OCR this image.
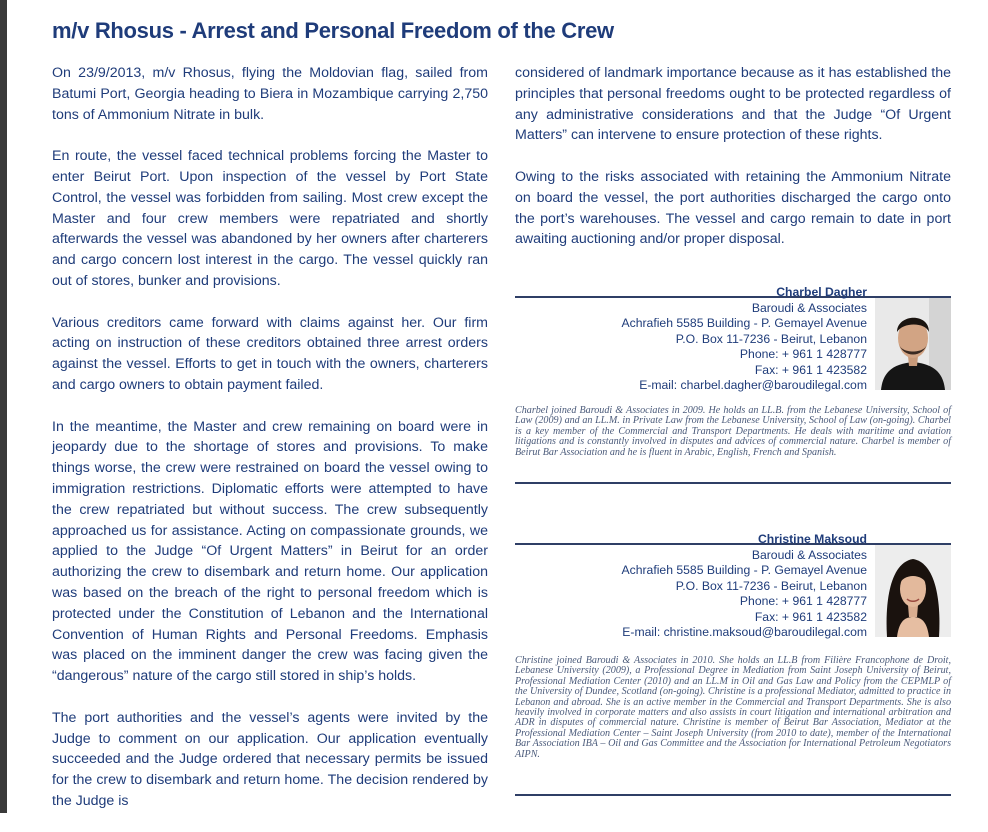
m/v Rhosus - Arrest and Personal Freedom of the Crew

On 23/9/2013, m/v Rhosus, flying the Moldovian flag, sailed from Batumi Port, Georgia heading to Biera in Mozambique carrying 2,750 tons of Ammonium Nitrate in bulk.

En route, the vessel faced technical problems forcing the Master to enter Beirut Port. Upon inspection of the vessel by Port State Control, the vessel was forbidden from sailing. Most crew except the Master and four crew members were repatriated and shortly afterwards the vessel was abandoned by her owners after charterers and cargo concern lost interest in the cargo. The vessel quickly ran out of stores, bunker and provisions.

Various creditors came forward with claims against her. Our firm acting on instruction of these creditors obtained three arrest orders against the vessel. Efforts to get in touch with the owners, charterers and cargo owners to obtain payment failed.

In the meantime, the Master and crew remaining on board were in jeopardy due to the shortage of stores and provisions. To make things worse, the crew were restrained on board the vessel owing to immigration restrictions. Diplomatic efforts were attempted to have the crew repatriated but without success. The crew subsequently approached us for assistance. Acting on compassionate grounds, we applied to the Judge “Of Urgent Matters” in Beirut for an order authorizing the crew to disembark and return home. Our application was based on the breach of the right to personal freedom which is protected under the Constitution of Lebanon and the International Convention of Human Rights and Personal Freedoms. Emphasis was placed on the imminent danger the crew was facing given the “dangerous” nature of the cargo still stored in ship’s holds.

The port authorities and the vessel’s agents were invited by the Judge to comment on our application. Our application eventually succeeded and the Judge ordered that necessary permits be issued for the crew to disembark and return home. The decision rendered by the Judge is

considered of landmark importance because as it has established the principles that personal freedoms ought to be protected regardless of any administrative considerations and that the Judge “Of Urgent Matters” can intervene to ensure protection of these rights.

Owing to the risks associated with retaining the Ammonium Nitrate on board the vessel, the port authorities discharged the cargo onto the port’s warehouses. The vessel and cargo remain to date in port awaiting auctioning and/or proper disposal.

Charbel Dagher
Baroudi & Associates
Achrafieh 5585 Building - P. Gemayel Avenue
P.O. Box 11-7236 - Beirut, Lebanon
Phone: + 961 1 428777
Fax: + 961 1 423582
E-mail: charbel.dagher@baroudilegal.com
Charbel joined Baroudi & Associates in 2009. He holds an LL.B. from the Lebanese University, School of Law (2009) and an LL.M. in Private Law from the Lebanese University, School of Law (on-going). Charbel is a key member of the Commercial and Transport Departments. He deals with maritime and aviation litigations and is constantly involved in disputes and advices of commercial nature. Charbel is member of Beirut Bar Association and he is fluent in Arabic, English, French and Spanish.
Christine Maksoud
Baroudi & Associates
Achrafieh 5585 Building - P. Gemayel Avenue
P.O. Box 11-7236 - Beirut, Lebanon
Phone: + 961 1 428777
Fax: + 961 1 423582
E-mail: christine.maksoud@baroudilegal.com
Christine joined Baroudi & Associates in 2010. She holds an LL.B from Filière Francophone de Droit, Lebanese University (2009), a Professional Degree in Mediation from Saint Joseph University of Beirut, Professional Mediation Center (2010) and an LL.M in Oil and Gas Law and Policy from the CEPMLP of the University of Dundee, Scotland (on-going). Christine is a professional Mediator, admitted to practice in Lebanon and abroad. She is an active member in the Commercial and Transport Departments. She is also heavily involved in corporate matters and also assists in court litigation and international arbitration and ADR in disputes of commercial nature. Christine is member of Beirut Bar Association, Mediator at the Professional Mediation Center – Saint Joseph University (from 2010 to date), member of the International Bar Association IBA – Oil and Gas Committee and the Association for International Petroleum Negotiators AIPN.
